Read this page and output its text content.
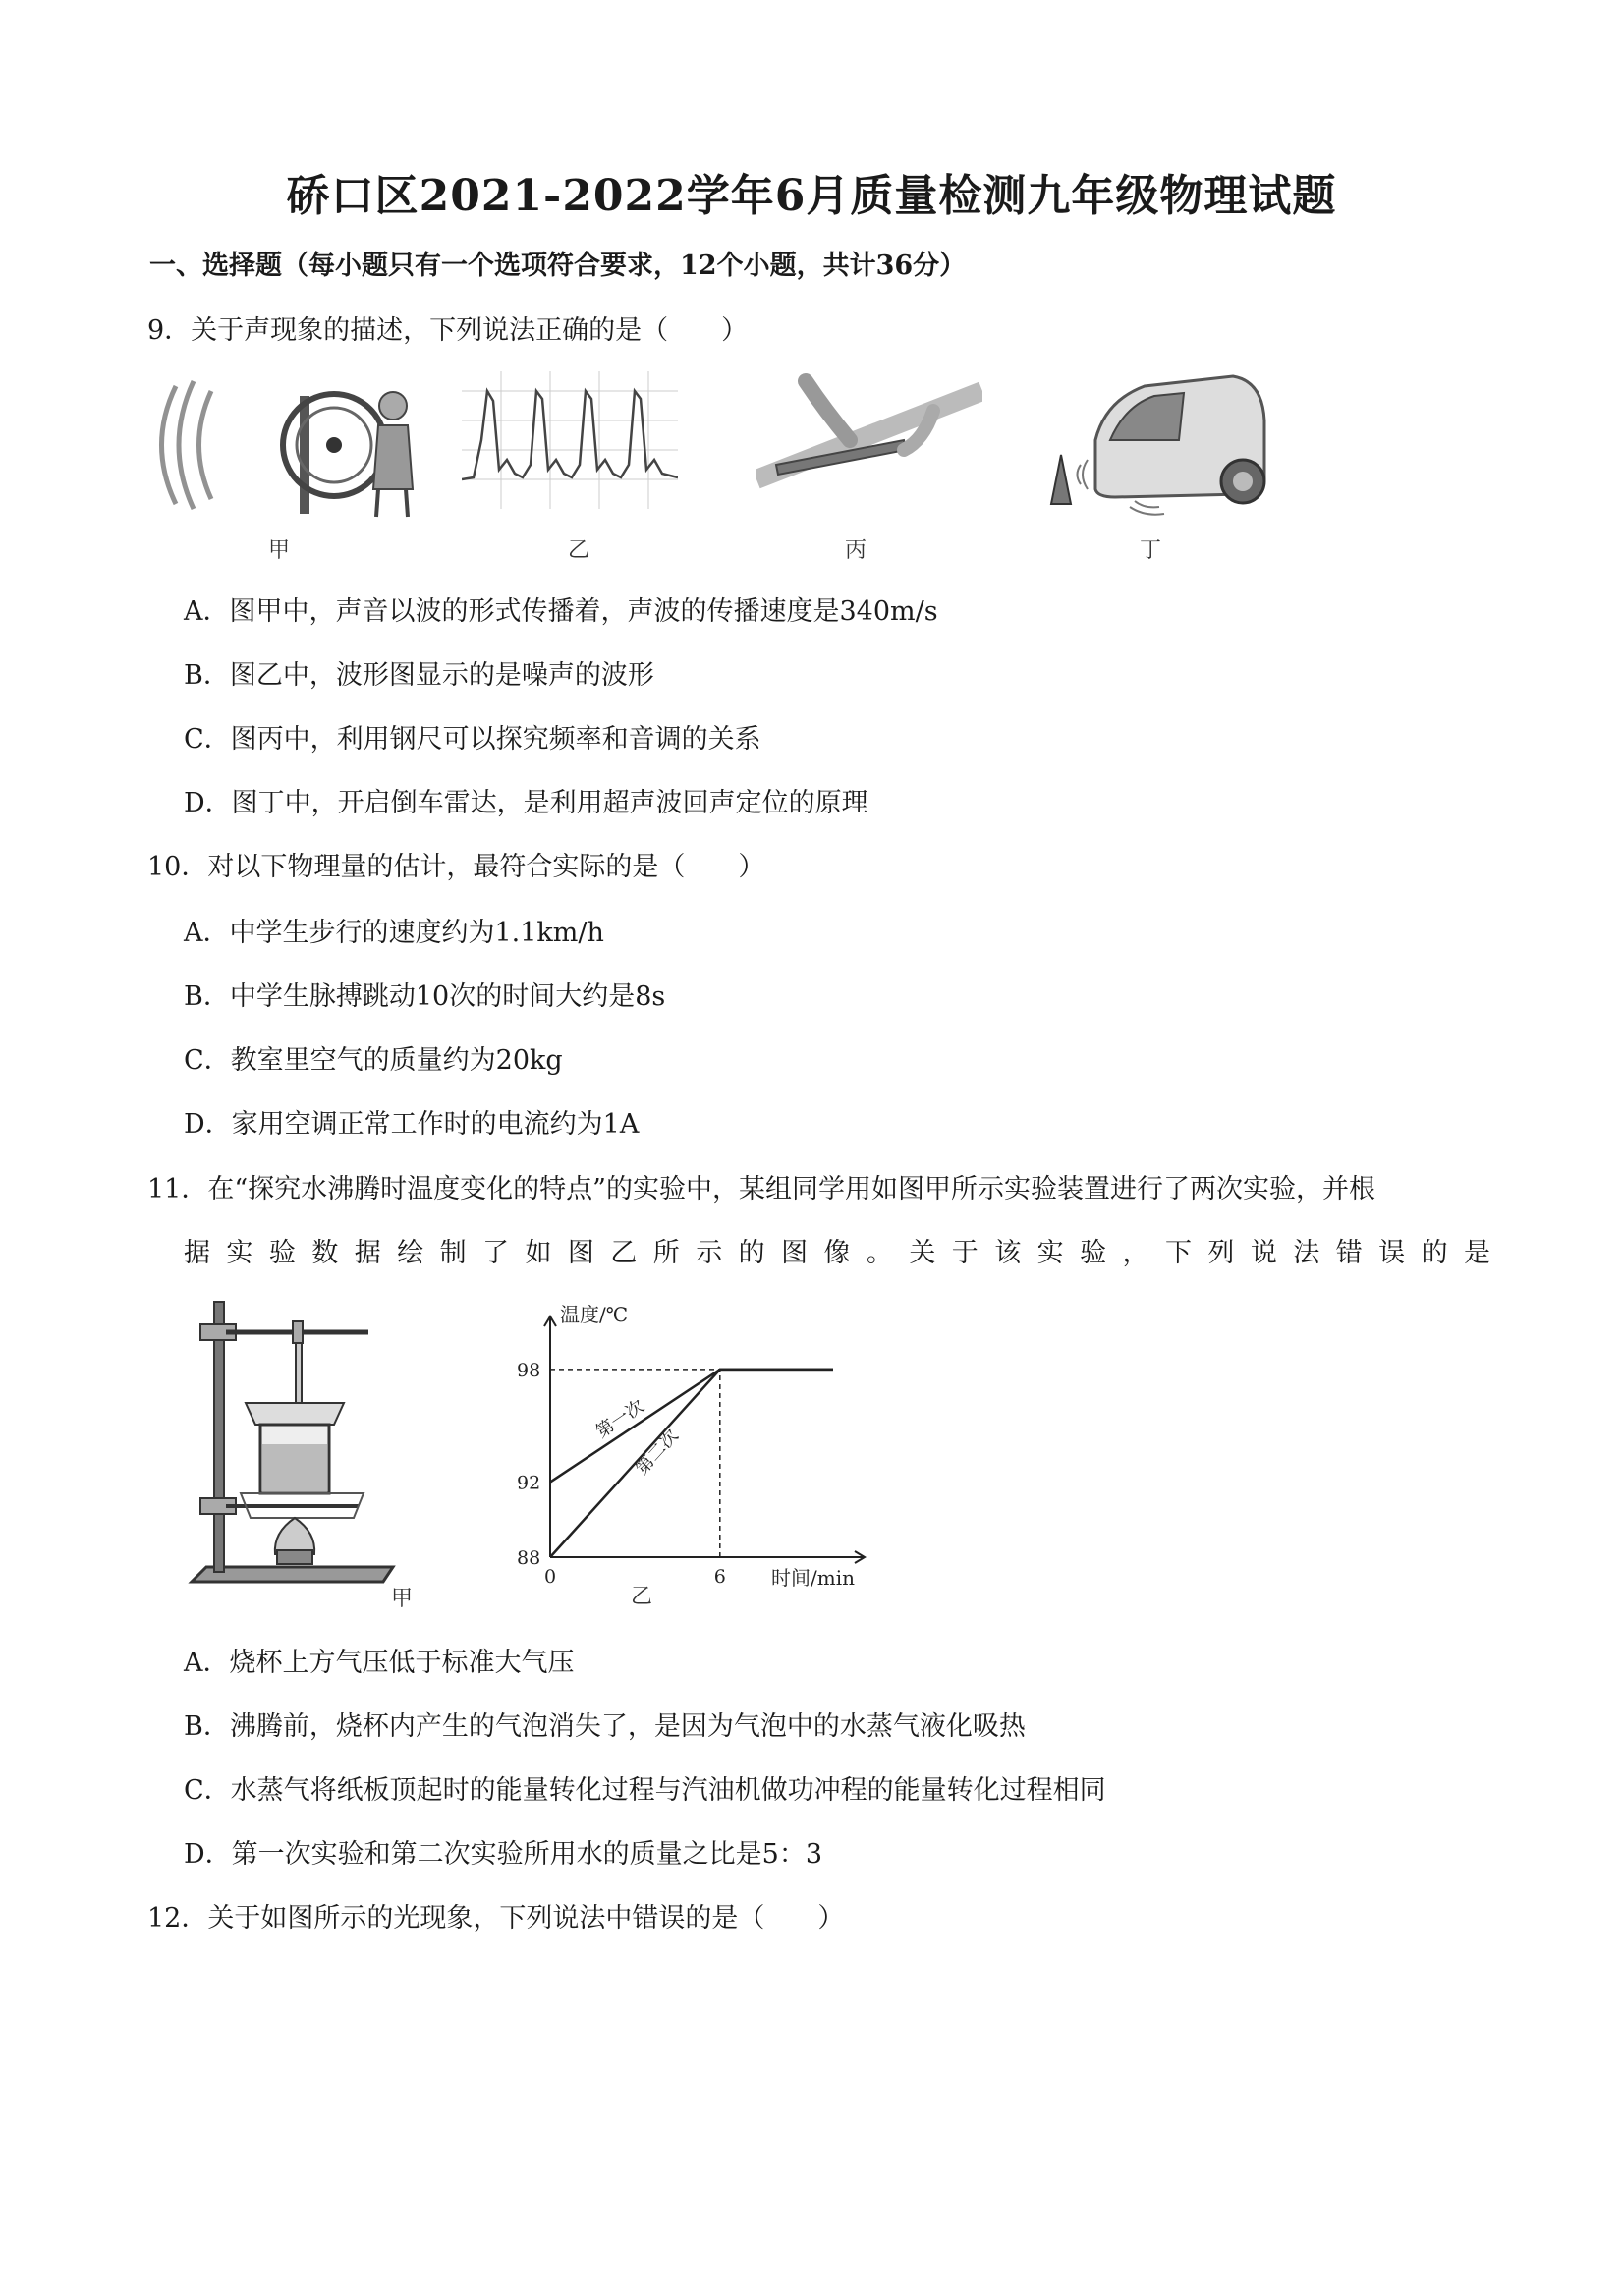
硚口区2021-2022学年6月质量检测九年级物理试题
一、选择题（每小题只有一个选项符合要求，12个小题，共计36分）
9．关于声现象的描述，下列说法正确的是（　　）
甲	乙	丙	丁
A．图甲中，声音以波的形式传播着，声波的传播速度是340m/s
B．图乙中，波形图显示的是噪声的波形
C．图丙中，利用钢尺可以探究频率和音调的关系
D．图丁中，开启倒车雷达，是利用超声波回声定位的原理
10．对以下物理量的估计，最符合实际的是（　　）
A．中学生步行的速度约为1.1km/h
B．中学生脉搏跳动10次的时间大约是8s
C．教室里空气的质量约为20kg
D．家用空调正常工作时的电流约为1A
11．在“探究水沸腾时温度变化的特点”的实验中，某组同学用如图甲所示实验装置进行了两次实验，并根
据实验数据绘制了如图乙所示的图像。关于该实验，下列说法错误的是
甲
温度/℃
时间/min
88
92
98
0	6
第一次
第二次
乙
A．烧杯上方气压低于标准大气压
B．沸腾前，烧杯内产生的气泡消失了，是因为气泡中的水蒸气液化吸热
C．水蒸气将纸板顶起时的能量转化过程与汽油机做功冲程的能量转化过程相同
D．第一次实验和第二次实验所用水的质量之比是5：3
12．关于如图所示的光现象，下列说法中错误的是（　　）
